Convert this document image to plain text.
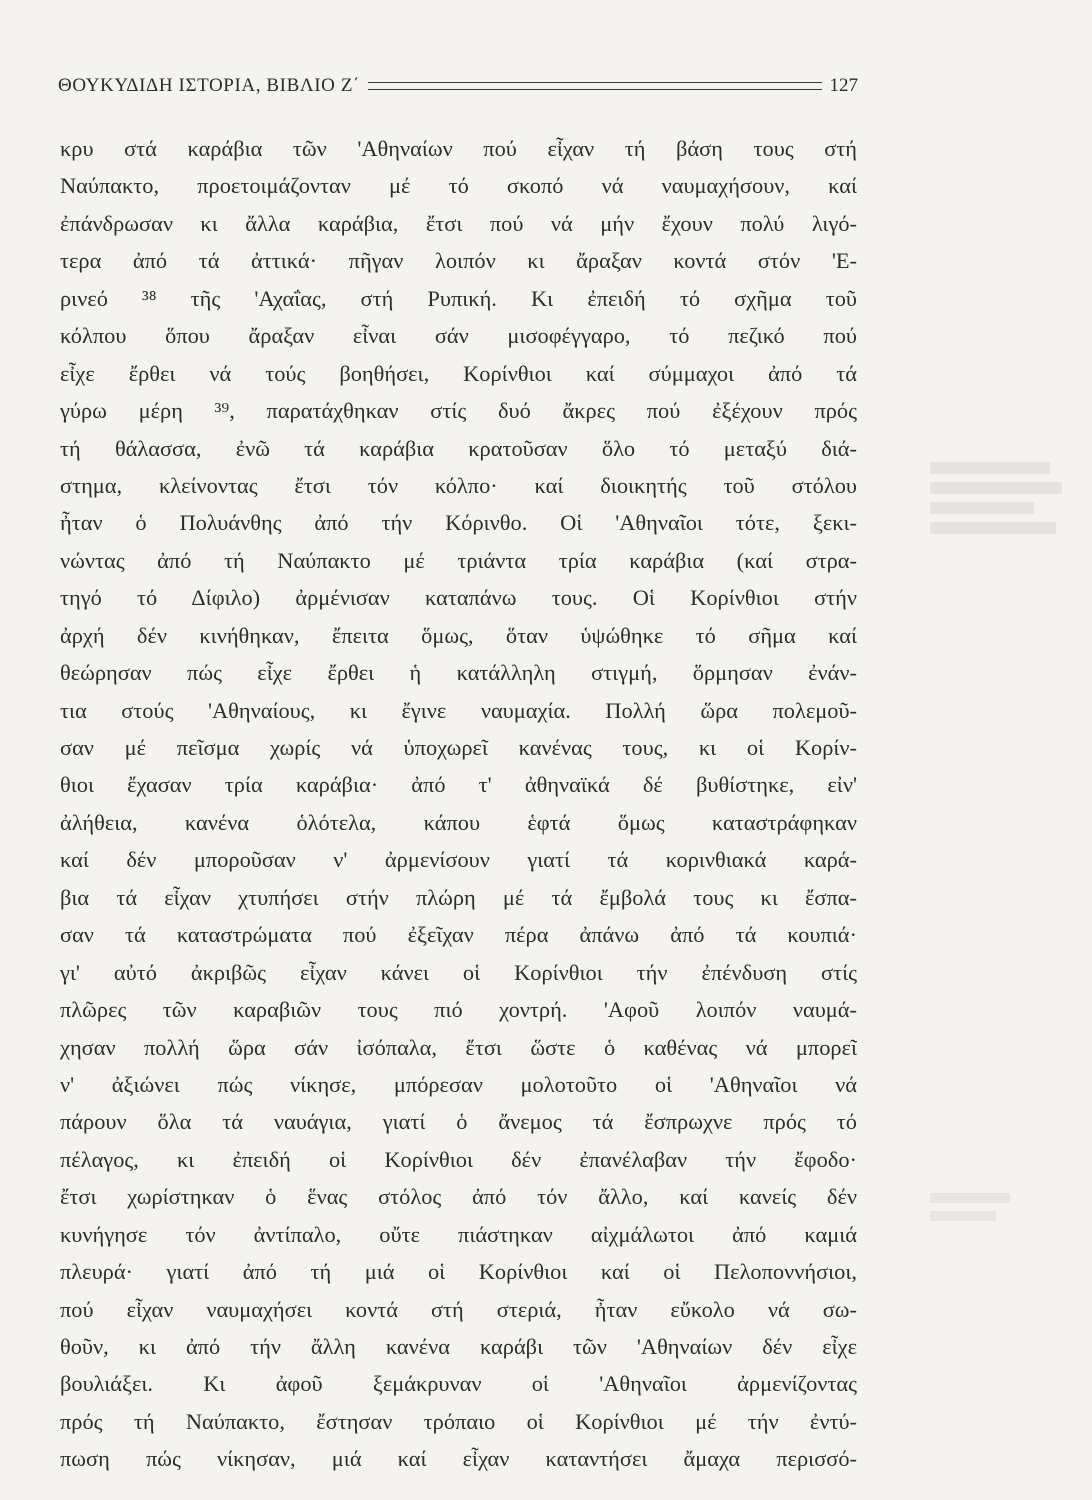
ΘΟΥΚΥΔΙΔΗ ΙΣΤΟΡΙΑ, ΒΙΒΛΙΟ Ζ΄	127
κρυ στά καράβια τῶν 'Αθηναίων πού εἶχαν τή βάση τους στή
Ναύπακτο, προετοιμάζονταν μέ τό σκοπό νά ναυμαχήσουν, καί
ἐπάνδρωσαν κι ἄλλα καράβια, ἔτσι πού νά μήν ἔχουν πολύ λιγό-
τερα ἀπό τά ἀττικά· πῆγαν λοιπόν κι ἄραξαν κοντά στόν 'Ε-
ρινεό ³⁸ τῆς 'Αχαΐας, στή Ρυπική. Κι ἐπειδή τό σχῆμα τοῦ
κόλπου ὅπου ἄραξαν εἶναι σάν μισοφέγγαρο, τό πεζικό πού
εἶχε ἔρθει νά τούς βοηθήσει, Κορίνθιοι καί σύμμαχοι ἀπό τά
γύρω μέρη ³⁹, παρατάχθηκαν στίς δυό ἄκρες πού ἐξέχουν πρός
τή θάλασσα, ἐνῶ τά καράβια κρατοῦσαν ὅλο τό μεταξύ διά-
στημα, κλείνοντας ἔτσι τόν κόλπο· καί διοικητής τοῦ στόλου
ἦταν ὁ Πολυάνθης ἀπό τήν Κόρινθο. Οἱ 'Αθηναῖοι τότε, ξεκι-
νώντας ἀπό τή Ναύπακτο μέ τριάντα τρία καράβια (καί στρα-
τηγό τό Δίφιλο) ἀρμένισαν καταπάνω τους. Οἱ Κορίνθιοι στήν
ἀρχή δέν κινήθηκαν, ἔπειτα ὅμως, ὅταν ὑψώθηκε τό σῆμα καί
θεώρησαν πώς εἶχε ἔρθει ἡ κατάλληλη στιγμή, ὅρμησαν ἐνάν-
τια στούς 'Αθηναίους, κι ἔγινε ναυμαχία. Πολλή ὥρα πολεμοῦ-
σαν μέ πεῖσμα χωρίς νά ὑποχωρεῖ κανένας τους, κι οἱ Κορίν-
θιοι ἔχασαν τρία καράβια· ἀπό τ' ἀθηναϊκά δέ βυθίστηκε, εἰν'
ἀλήθεια, κανένα ὁλότελα, κάπου ἑφτά ὅμως καταστράφηκαν
καί δέν μποροῦσαν ν' ἀρμενίσουν γιατί τά κορινθιακά καρά-
βια τά εἶχαν χτυπήσει στήν πλώρη μέ τά ἔμβολά τους κι ἔσπα-
σαν τά καταστρώματα πού ἐξεῖχαν πέρα ἀπάνω ἀπό τά κουπιά·
γι' αὐτό ἀκριβῶς εἶχαν κάνει οἱ Κορίνθιοι τήν ἐπένδυση στίς
πλῶρες τῶν καραβιῶν τους πιό χοντρή. 'Αφοῦ λοιπόν ναυμά-
χησαν πολλή ὥρα σάν ἰσόπαλα, ἔτσι ὥστε ὁ καθένας νά μπορεῖ
ν' ἀξιώνει πώς νίκησε, μπόρεσαν μολοτοῦτο οἱ 'Αθηναῖοι νά
πάρουν ὅλα τά ναυάγια, γιατί ὁ ἄνεμος τά ἔσπρωχνε πρός τό
πέλαγος, κι ἐπειδή οἱ Κορίνθιοι δέν ἐπανέλαβαν τήν ἔφοδο·
ἔτσι χωρίστηκαν ὁ ἕνας στόλος ἀπό τόν ἄλλο, καί κανείς δέν
κυνήγησε τόν ἀντίπαλο, οὔτε πιάστηκαν αἰχμάλωτοι ἀπό καμιά
πλευρά· γιατί ἀπό τή μιά οἱ Κορίνθιοι καί οἱ Πελοποννήσιοι,
πού εἶχαν ναυμαχήσει κοντά στή στεριά, ἦταν εὔκολο νά σω-
θοῦν, κι ἀπό τήν ἄλλη κανένα καράβι τῶν 'Αθηναίων δέν εἶχε
βουλιάξει. Κι ἀφοῦ ξεμάκρυναν οἱ 'Αθηναῖοι ἀρμενίζοντας
πρός τή Ναύπακτο, ἔστησαν τρόπαιο οἱ Κορίνθιοι μέ τήν ἐντύ-
πωση πώς νίκησαν, μιά καί εἶχαν καταντήσει ἄμαχα περισσό-
